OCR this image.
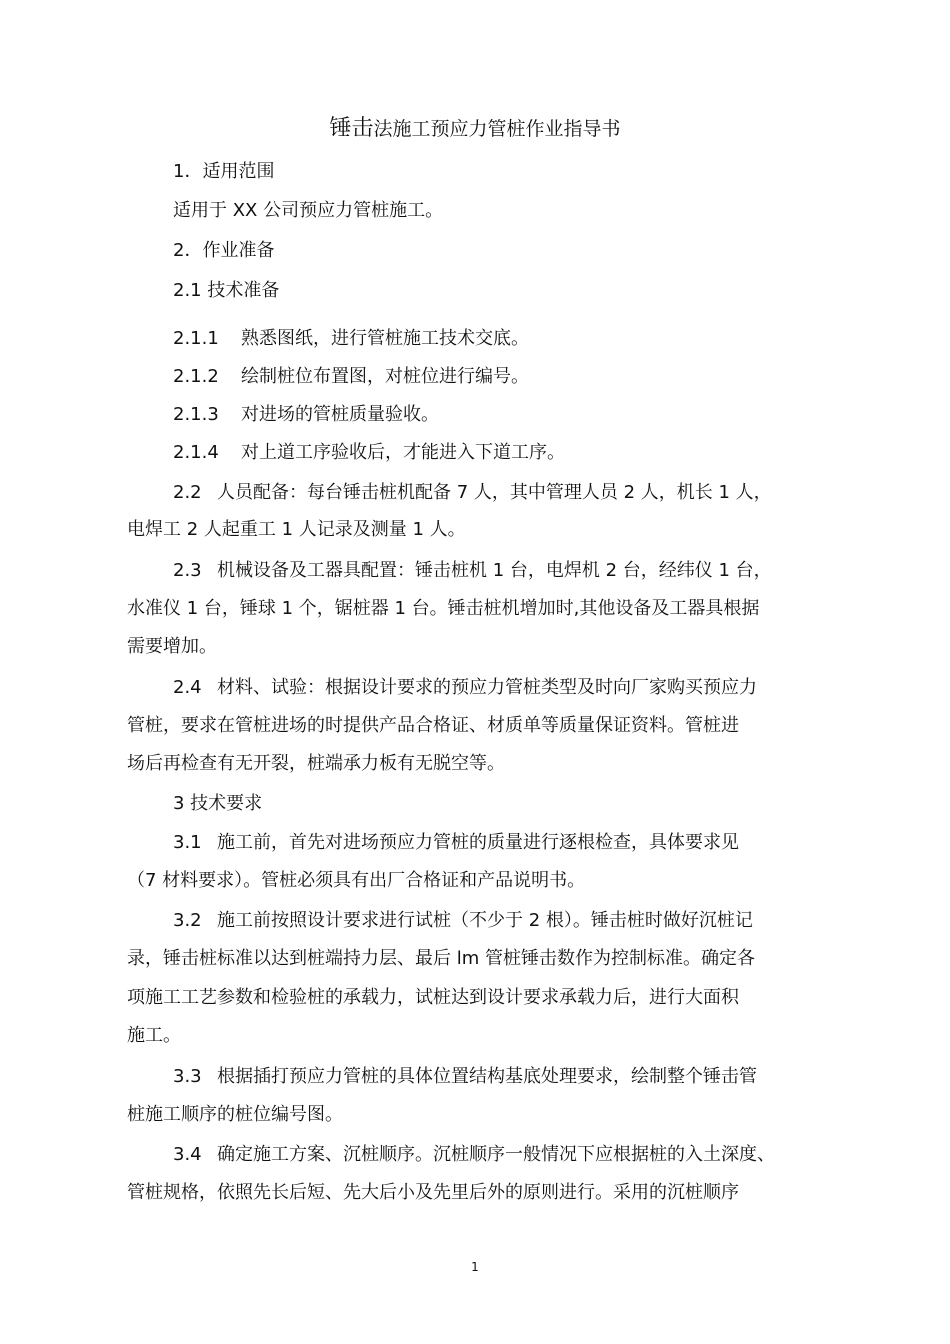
锤击法施工预应力管桩作业指导书
1．适用范围
适用于 XX 公司预应力管桩施工。
2．作业准备
2.1 技术准备
2.1.1 熟悉图纸，进行管桩施工技术交底。
2.1.2 绘制桩位布置图，对桩位进行编号。
2.1.3 对进场的管桩质量验收。
2.1.4 对上道工序验收后，才能进入下道工序。
2.2 人员配备：每台锤击桩机配备 7 人，其中管理人员 2 人，机长 1 人，
电焊工 2 人起重工 1 人记录及测量 1 人。
2.3 机械设备及工器具配置：锤击桩机 1 台，电焊机 2 台，经纬仪 1 台，
水准仪 1 台，锤球 1 个，锯桩器 1 台。锤击桩机增加时,其他设备及工器具根据
需要增加。
2.4 材料、试验：根据设计要求的预应力管桩类型及时向厂家购买预应力
管桩，要求在管桩进场的时提供产品合格证、材质单等质量保证资料。管桩进
场后再检查有无开裂，桩端承力板有无脱空等。
3 技术要求
3.1 施工前，首先对进场预应力管桩的质量进行逐根检查，具体要求见
（7 材料要求）。管桩必须具有出厂合格证和产品说明书。
3.2 施工前按照设计要求进行试桩（不少于 2 根）。锤击桩时做好沉桩记
录，锤击桩标准以达到桩端持力层、最后 lm 管桩锤击数作为控制标准。确定各
项施工工艺参数和检验桩的承载力，试桩达到设计要求承载力后，进行大面积
施工。
3.3 根据插打预应力管桩的具体位置结构基底处理要求，绘制整个锤击管
桩施工顺序的桩位编号图。
3.4 确定施工方案、沉桩顺序。沉桩顺序一般情况下应根据桩的入土深度、
管桩规格，依照先长后短、先大后小及先里后外的原则进行。采用的沉桩顺序
1
